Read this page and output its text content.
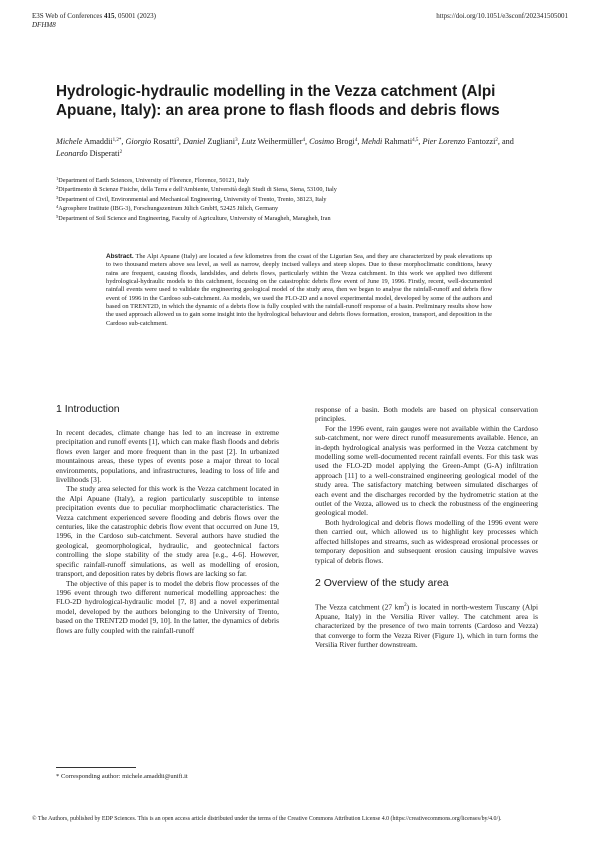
E3S Web of Conferences 415, 05001 (2023)
DFHM8
https://doi.org/10.1051/e3sconf/202341505001
Hydrologic-hydraulic modelling in the Vezza catchment (Alpi Apuane, Italy): an area prone to flash floods and debris flows
Michele Amaddii$^{1,2*}$, Giorgio Rosatti$^3$, Daniel Zugliani$^3$, Lutz Weihermüller$^4$, Cosimo Brogi$^4$, Mehdi Rahmati$^{4,5}$, Pier Lorenzo Fantozzi$^2$, and Leonardo Disperati$^2$
$^1$Department of Earth Sciences, University of Florence, Florence, 50121, Italy
$^2$Dipartimento di Scienze Fisiche, della Terra e dell'Ambiente, Università degli Studi di Siena, Siena, 53100, Italy
$^3$Department of Civil, Environmental and Mechanical Engineering, University of Trento, Trento, 38123, Italy
$^4$Agrosphere Institute (IBG-3), Forschungszentrum Jülich GmbH, 52425 Jülich, Germany
$^5$Department of Soil Science and Engineering, Faculty of Agriculture, University of Maragheh, Maragheh, Iran

Abstract. The Alpi Apuane (Italy) are located a few kilometres from the coast of the Ligurian Sea, and they are characterized by peak elevations up to two thousand meters above sea level, as well as narrow, deeply incised valleys and steep slopes. Due to these morphoclimatic conditions, heavy rains are frequent, causing floods, landslides, and debris flows, particularly within the Vezza catchment. In this work we applied two different hydrological-hydraulic models to this catchment, focusing on the catastrophic debris flow event of June 19, 1996. Firstly, recent, well-documented rainfall events were used to validate the engineering geological model of the study area, then we began to analyse the rainfall-runoff and debris flow event of 1996 in the Cardoso sub-catchment. As models, we used the FLO-2D and a novel experimental model, developed by some of the authors and based on TRENT2D, in which the dynamic of a debris flow is fully coupled with the rainfall-runoff response of a basin. Preliminary results show how the used approach allowed us to gain some insight into the hydrological behaviour and debris flows formation, erosion, transport, and deposition in the Cardoso sub-catchment.

1 Introduction

In recent decades, climate change has led to an increase in extreme precipitation and runoff events [1], which can make flash floods and debris flows even larger and more frequent than in the past [2]. In urbanized mountainous areas, these types of events pose a major threat to local environments, populations, and infrastructures, leading to loss of life and livelihoods [3].

The study area selected for this work is the Vezza catchment located in the Alpi Apuane (Italy), a region particularly susceptible to intense precipitation events due to peculiar morphoclimatic characteristics. The Vezza catchment experienced severe flooding and debris flows over the centuries, like the catastrophic debris flow event that occurred on June 19, 1996, in the Cardoso sub-catchment. Several authors have studied the geological, geomorphological, hydraulic, and geotechnical factors controlling the slope stability of the study area [e.g., 4-6]. However, specific rainfall-runoff simulations, as well as modelling of erosion, transport, and deposition rates by debris flows are lacking so far.

The objective of this paper is to model the debris flow processes of the 1996 event through two different numerical modelling approaches: the FLO-2D hydrological-hydraulic model [7, 8] and a novel experimental model, developed by the authors belonging to the University of Trento, based on the TRENT2D model [9, 10]. In the latter, the dynamics of debris flows are fully coupled with the rainfall-runoff

response of a basin. Both models are based on physical conservation principles.

For the 1996 event, rain gauges were not available within the Cardoso sub-catchment, nor were direct runoff measurements available. Hence, an in-depth hydrological analysis was performed in the Vezza catchment by modelling some well-documented recent rainfall events. For this task was used the FLO-2D model applying the Green-Ampt (G-A) infiltration approach [11] to a well-constrained engineering geological model of the study area. The satisfactory matching between simulated discharges of each event and the discharges recorded by the hydrometric station at the outlet of the Vezza, allowed us to check the robustness of the engineering geological model.

Both hydrological and debris flows modelling of the 1996 event were then carried out, which allowed us to highlight key processes which affected hillslopes and streams, such as widespread erosional processes or temporary deposition and subsequent erosion causing impulsive waves typical of debris flows.

2 Overview of the study area

The Vezza catchment (27 $km^2$) is located in north-western Tuscany (Alpi Apuane, Italy) in the Versilia River valley. The catchment area is characterized by the presence of two main torrents (Cardoso and Vezza) that converge to form the Vezza River (Figure 1), which in turn forms the Versilia River further downstream.

* Corresponding author: michele.amaddii@unifi.it
© The Authors, published by EDP Sciences. This is an open access article distributed under the terms of the Creative Commons Attribution License 4.0 (https://creativecommons.org/licenses/by/4.0/).
